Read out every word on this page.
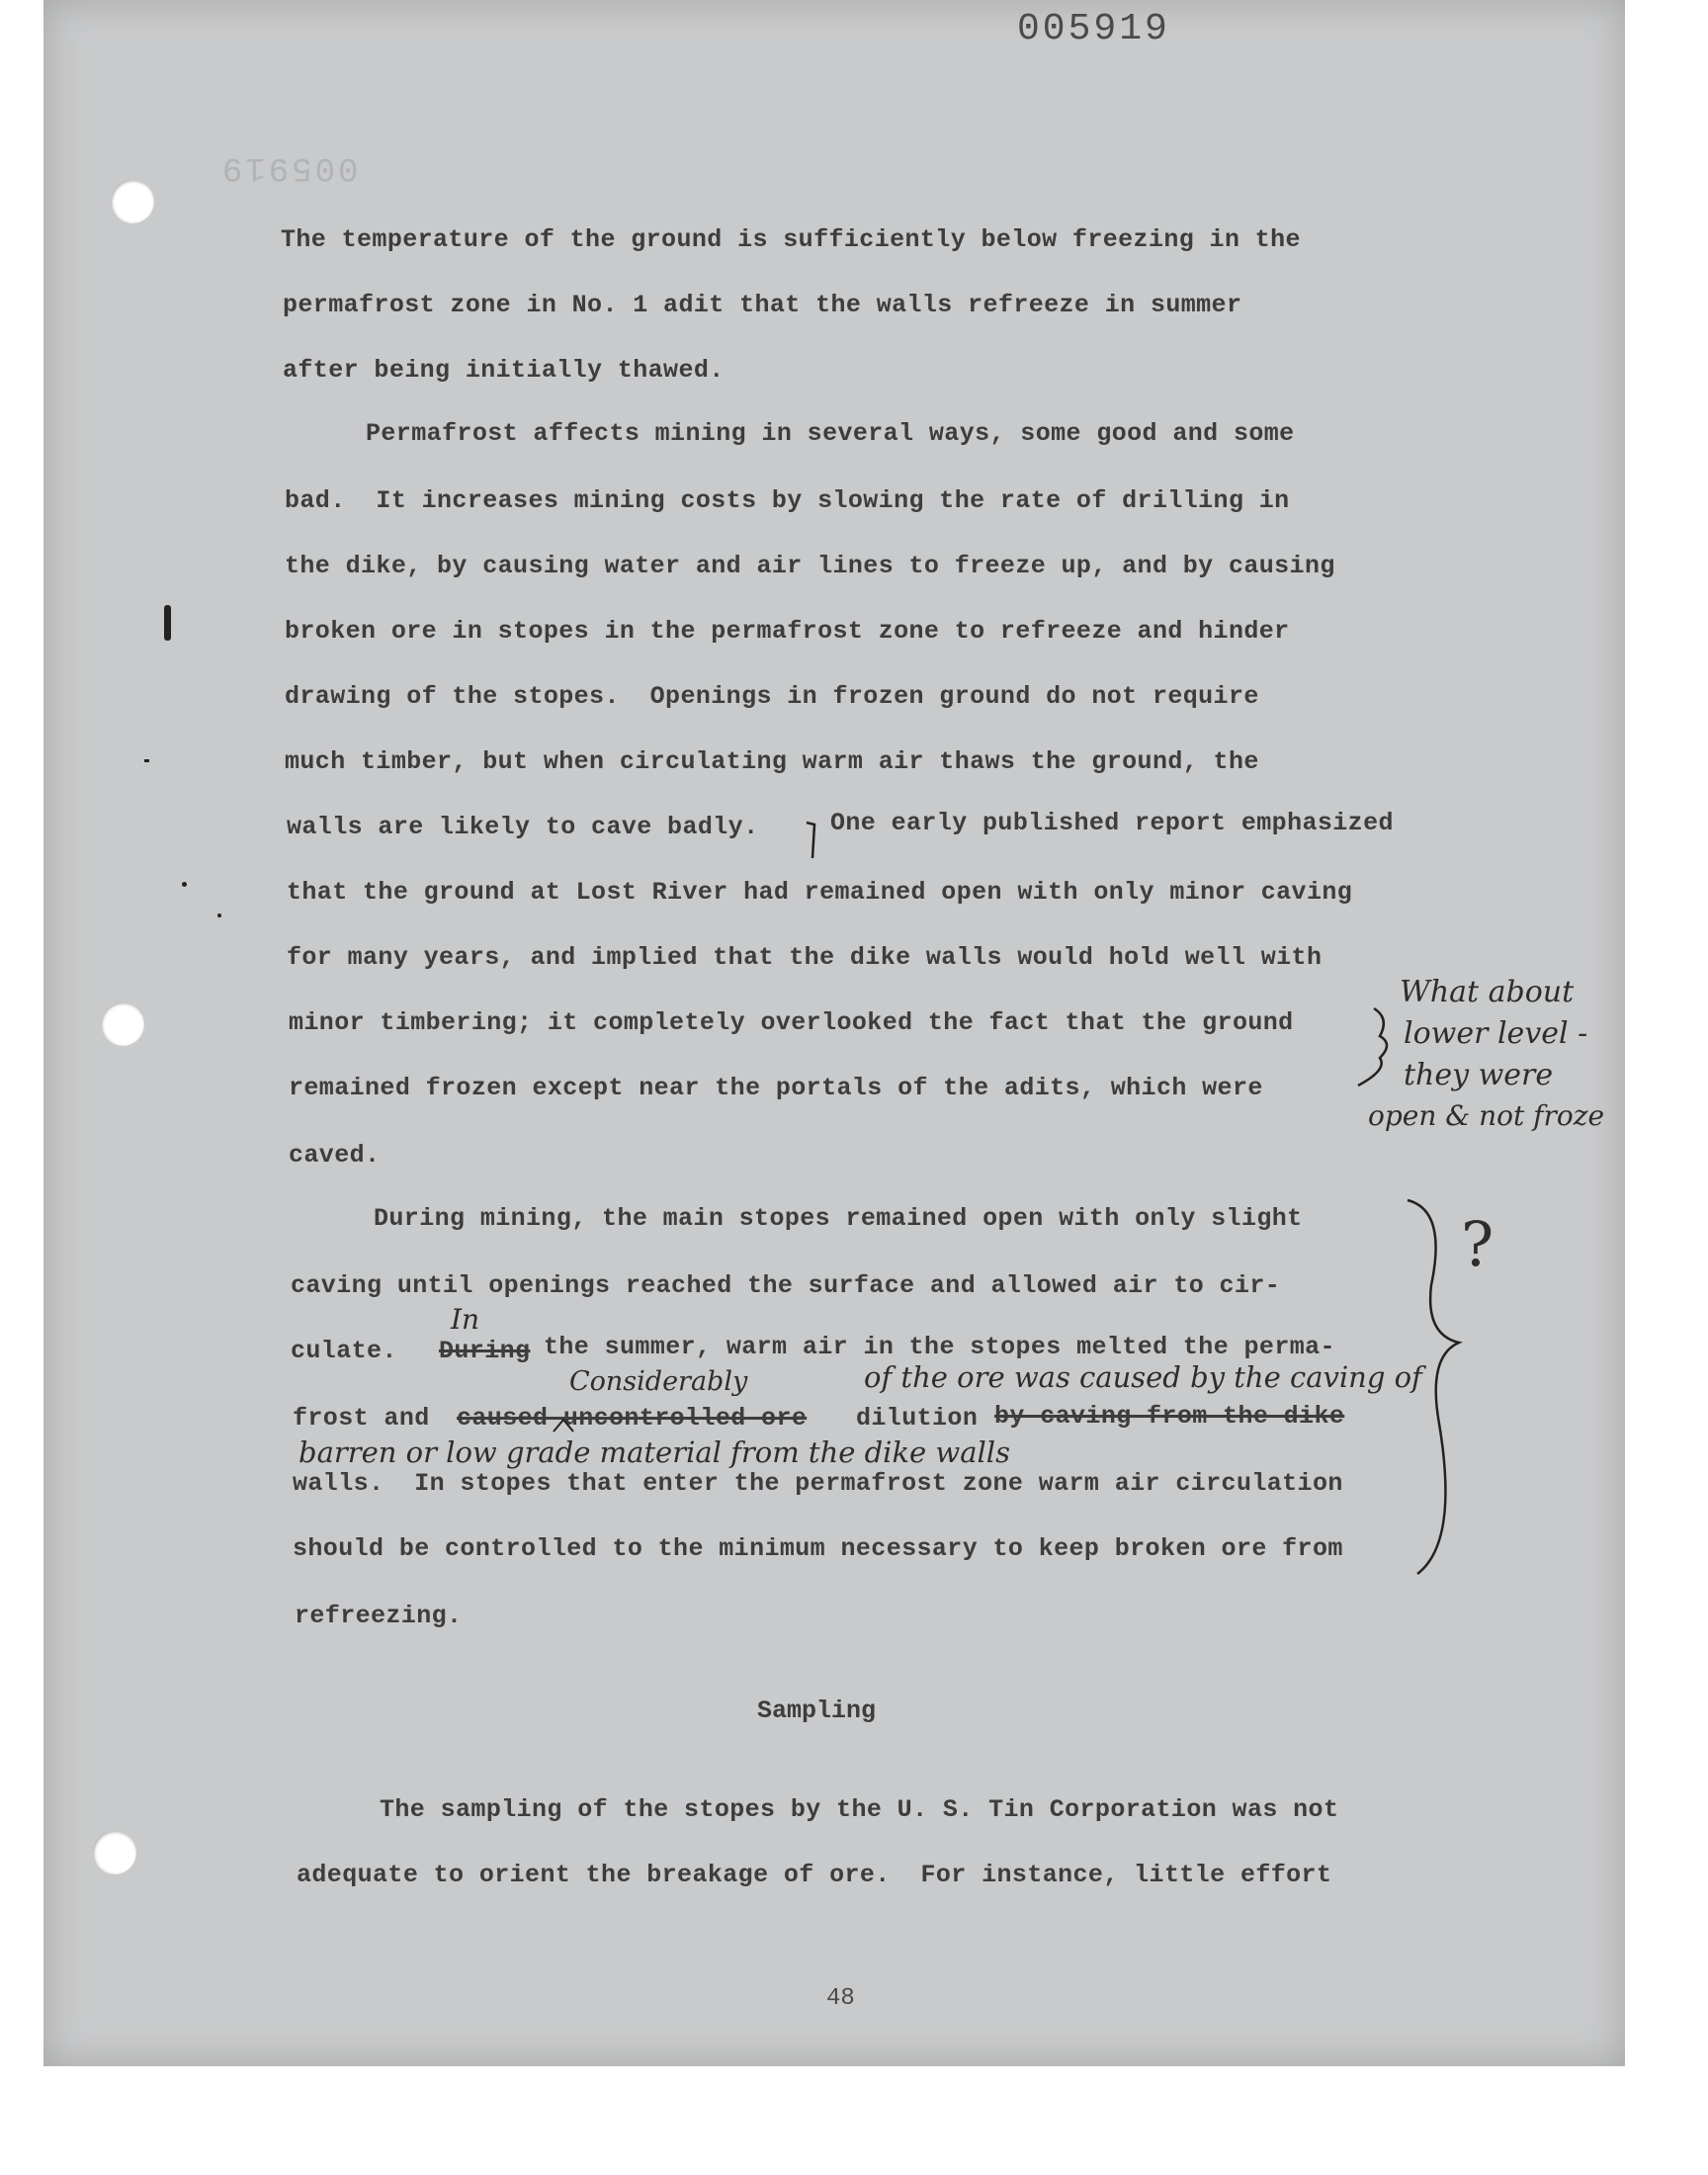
005919
005919
The temperature of the ground is sufficiently below freezing in the
permafrost zone in No. 1 adit that the walls refreeze in summer
after being initially thawed.
Permafrost affects mining in several ways, some good and some
bad.  It increases mining costs by slowing the rate of drilling in
the dike, by causing water and air lines to freeze up, and by causing
broken ore in stopes in the permafrost zone to refreeze and hinder
drawing of the stopes.  Openings in frozen ground do not require
much timber, but when circulating warm air thaws the ground, the
walls are likely to cave badly.	One early published report emphasized
that the ground at Lost River had remained open with only minor caving
for many years, and implied that the dike walls would hold well with
minor timbering; it completely overlooked the fact that the ground
remained frozen except near the portals of the adits, which were
caved.
During mining, the main stopes remained open with only slight
caving until openings reached the surface and allowed air to cir-
culate. During the summer, warm air in the stopes melted the perma-
frost and caused uncontrolled ore dilution by caving from the dike
walls.  In stopes that enter the permafrost zone warm air circulation
should be controlled to the minimum necessary to keep broken ore from
refreezing.
Sampling
The sampling of the stopes by the U. S. Tin Corporation was not
adequate to orient the breakage of ore.  For instance, little effort
48
What about
lower level -
they were
open & not froze
In
Considerably	of the ore was caused by the caving of
barren or low grade material from the dike walls
?
